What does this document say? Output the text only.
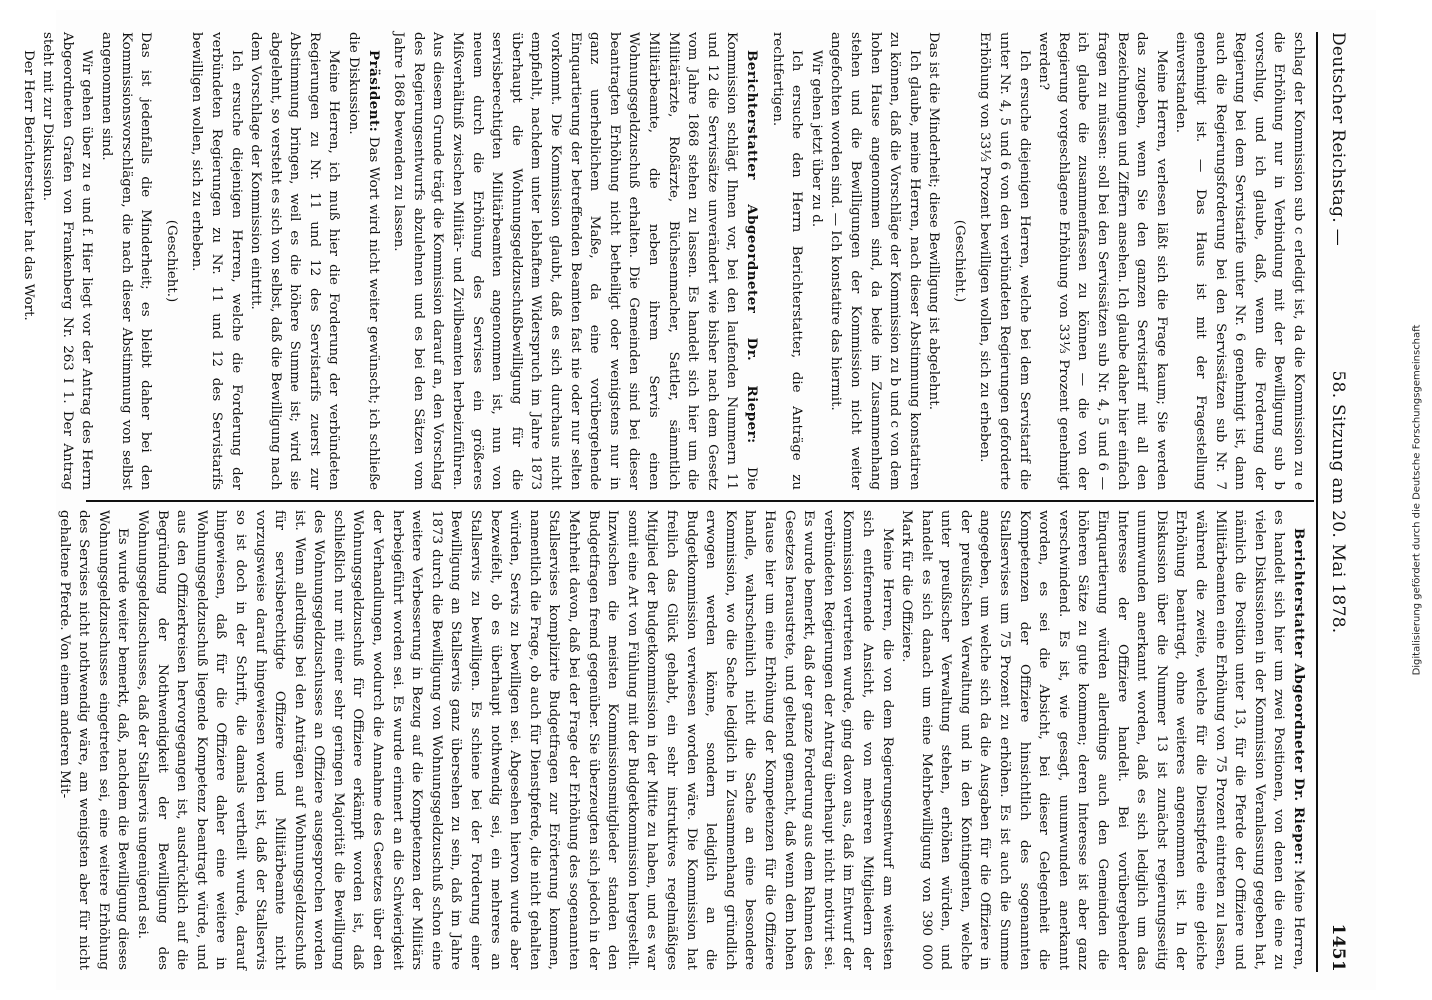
Deutscher Reichstag. —
58. Sitzung am 20. Mai 1878.
1451

schlag der Kommission sub c erledigt ist, da die Kommission zu e die Erhöhung nur in Verbindung mit der Bewilligung sub b vorschlug, und ich glaube, daß, wenn die Forderung der Regierung bei dem Servistarife unter Nr. 6 genehmigt ist, dann auch die Regierungsforderung bei den Servissätzen sub Nr. 7 genehmigt ist. — Das Haus ist mit der Fragestellung einverstanden.

Meine Herren, verlesen läßt sich die Frage kaum; Sie werden das zugeben, wenn Sie den ganzen Servistarif mit all den Bezeichnungen und Ziffern ansehen. Ich glaube daher hier einfach fragen zu müssen: soll bei den Servissätzen sub Nr. 4, 5 und 6 — ich glaube die zusammenfassen zu können — die von der Regierung vorgeschlagene Erhöhung von 33⅓ Prozent genehmigt werden?

Ich ersuche diejenigen Herren, welche bei dem Servistarif die unter Nr. 4, 5 und 6 von den verbündeten Regierungen geforderte Erhöhung von 33⅓ Prozent bewilligen wollen, sich zu erheben.

(Geschieht.)

Das ist die Minderheit; diese Bewilligung ist abgelehnt.

Ich glaube, meine Herren, nach dieser Abstimmung konstatiren zu können, daß die Vorschläge der Kommission zu b und c von dem hohen Hause angenommen sind, da beide im Zusammenhang stehen und die Bewilligungen der Kommission nicht weiter angefochten worden sind. — Ich konstatire das hiermit.

Wir gehen jetzt über zu d.

Ich ersuche den Herrn Berichterstatter, die Anträge zu rechtfertigen.

Berichterstatter Abgeordneter Dr. Rieper: Die Kommission schlägt Ihnen vor, bei den laufenden Nummern 11 und 12 die Servissätze unverändert wie bisher nach dem Gesetz vom Jahre 1868 stehen zu lassen. Es handelt sich hier um die Militärärzte, Roßärzte, Büchsenmacher, Sattler, sämmtlich Militärbeamte, die neben ihrem Servis einen Wohnungsgeldzuschuß erhalten. Die Gemeinden sind bei dieser beantragten Erhöhung nicht betheiligt oder wenigstens nur in ganz unerheblichem Maße, da eine vorübergehende Einquartierung der betreffenden Beamten fast nie oder nur selten vorkommt. Die Kommission glaubt, daß es sich durchaus nicht empfiehlt, nachdem unter lebhaftem Widerspruch im Jahre 1873 überhaupt die Wohnungsgeldzuschußbewilligung für die servisberechtigten Militärbeamten angenommen ist, nun von neuem durch die Erhöhung des Servises ein größeres Mißverhältniß zwischen Militär- und Zivilbeamten herbeizuführen. Aus diesem Grunde trägt die Kommission darauf an, den Vorschlag des Regierungsentwurfs abzulehnen und es bei den Sätzen vom Jahre 1868 bewenden zu lassen.

Präsident: Das Wort wird nicht weiter gewünscht; ich schließe die Diskussion.

Meine Herren, ich muß hier die Forderung der verbündeten Regierungen zu Nr. 11 und 12 des Servistarifs zuerst zur Abstimmung bringen, weil es die höhere Summe ist; wird sie abgelehnt, so versteht es sich von selbst, daß die Bewilligung nach dem Vorschlage der Kommission eintritt.

Ich ersuche diejenigen Herren, welche die Forderung der verbündeten Regierungen zu Nr. 11 und 12 des Servistarifs bewilligen wollen, sich zu erheben.

(Geschieht.)

Das ist jedenfalls die Minderheit; es bleibt daher bei den Kommissionsvorschlägen, die nach dieser Abstimmung von selbst angenommen sind.

Wir gehen über zu e und f. Hier liegt vor der Antrag des Herrn Abgeordneten Grafen von Frankenberg Nr. 263 I 1. Der Antrag steht mit zur Diskussion.

Der Herr Berichterstatter hat das Wort.

Berichterstatter Abgeordneter Dr. Rieper: Meine Herren, es handelt sich hier um zwei Positionen, von denen die eine zu vielen Diskussionen in der Kommission Veranlassung gegeben hat, nämlich die Position unter 13, für die Pferde der Offiziere und Militärbeamten eine Erhöhung von 75 Prozent eintreten zu lassen, während die zweite, welche für die Dienstpferde eine gleiche Erhöhung beantragt, ohne weiteres angenommen ist. In der Diskussion über die Nummer 13 ist zunächst regierungsseitig unumwunden anerkannt worden, daß es sich lediglich um das Interesse der Offiziere handelt. Bei vorübergehender Einquartierung würden allerdings auch den Gemeinden die höheren Sätze zu gute kommen; deren Interesse ist aber ganz verschwindend. Es ist, wie gesagt, unumwunden anerkannt worden, es sei die Absicht, bei dieser Gelegenheit die Kompetenzen der Offiziere hinsichtlich des sogenannten Stallservises um 75 Prozent zu erhöhen. Es ist auch die Summe angegeben, um welche sich da die Ausgaben für die Offiziere in der preußischen Verwaltung und in den Kontingenten, welche unter preußischer Verwaltung stehen, erhöhen würden, und handelt es sich danach um eine Mehrbewilligung von 390 000 Mark für die Offiziere.

Meine Herren, die von dem Regierungsentwurf am weitesten sich entfernende Ansicht, die von mehreren Mitgliedern der Kommission vertreten wurde, ging davon aus, daß im Entwurf der verbündeten Regierungen der Antrag überhaupt nicht motivirt sei. Es wurde bemerkt, daß der ganze Forderung aus dem Rahmen des Gesetzes heraustrete, und geltend gemacht, daß wenn dem hohen Hause hier um eine Erhöhung der Kompetenzen für die Offiziere handle, wahrscheinlich nicht die Sache an eine besondere Kommission, wo die Sache lediglich in Zusammenhang gründlich erwogen werden könne, sondern lediglich an die Budgetkommission verwiesen worden wäre. Die Kommission hat freilich das Glück gehabt, ein sehr instruktives regelmäßiges Mitglied der Budgetkommission in der Mitte zu haben, und es war somit eine Art von Fühlung mit der Budgetkommission hergestellt. Inzwischen die meisten Kommissionsmitglieder standen den Budgetfragen fremd gegenüber. Sie überzeugten sich jedoch in der Mehrheit davon, daß bei der Frage der Erhöhung des sogenannten Stallservises komplizirte Budgetfragen zur Erörterung kommen, namentlich die Frage, ob auch für Dienstpferde, die nicht gehalten würden, Servis zu bewilligen sei. Abgesehen hiervon wurde aber bezweifelt, ob es überhaupt nothwendig sei, ein mehreres an Stallservis zu bewilligen. Es schiene bei der Forderung einer Bewilligung an Stallservis ganz übersehen zu sein, daß im Jahre 1873 durch die Bewilligung von Wohnungsgeldzuschuß schon eine weitere Verbesserung in Bezug auf die Kompetenzen der Militärs herbeigeführt worden sei. Es wurde erinnert an die Schwierigkeit der Verhandlungen, wodurch die Annahme des Gesetzes über den Wohnungsgeldzuschuß für Offiziere erkämpft worden ist, daß schließlich nur mit einer sehr geringen Majorität die Bewilligung des Wohnungsgeldzuschusses an Offiziere ausgesprochen worden ist. Wenn allerdings bei den Anträgen auf Wohnungsgeldzuschuß für servisberechtigte Offiziere und Militärbeamte nicht vorzugsweise darauf hingewiesen worden ist, daß der Stallservis so ist doch in der Schrift, die damals vertheilt wurde, darauf hingewiesen, daß für die Offiziere daher eine weitere in Wohnungsgeldzuschuß liegende Kompetenz beantragt würde, und aus den Offizierkreisen hervorgegangen ist, ausdrücklich auf die Begründung der Nothwendigkeit der Bewilligung des Wohnungsgeldzuschusses, daß der Stallservis ungenügend sei.

Es wurde weiter bemerkt, daß, nachdem die Bewilligung dieses Wohnungsgeldzuschusses eingetreten sei, eine weitere Erhöhung des Servises nicht nothwendig wäre, am wenigsten aber für nicht gehaltene Pferde. Von einem anderen Mit-	Digitalisierung gefördert durch die Deutsche Forschungsgemeinschaft
